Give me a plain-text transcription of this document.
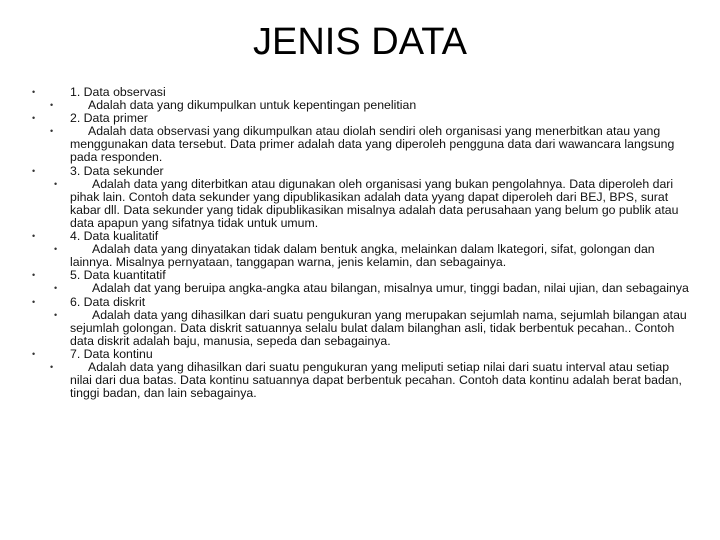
JENIS DATA
• 1. Data observasi
• Adalah data yang dikumpulkan untuk kepentingan penelitian
• 2. Data primer
• Adalah data observasi yang dikumpulkan atau diolah sendiri oleh organisasi yang menerbitkan atau yang menggunakan data tersebut. Data primer adalah data yang diperoleh pengguna data dari wawancara langsung pada responden.
• 3. Data sekunder
• Adalah data yang diterbitkan atau digunakan oleh organisasi yang bukan pengolahnya. Data diperoleh dari pihak lain. Contoh data sekunder yang dipublikasikan adalah data yyang dapat diperoleh dari BEJ, BPS, surat kabar dll. Data sekunder yang tidak dipublikasikan misalnya adalah data perusahaan yang belum go publik atau data apapun yang sifatnya tidak untuk umum.
• 4. Data kualitatif
• Adalah data yang dinyatakan tidak dalam bentuk angka, melainkan dalam lkategori, sifat, golongan dan lainnya. Misalnya pernyataan, tanggapan warna, jenis kelamin, dan sebagainya.
• 5. Data kuantitatif
• Adalah dat yang beruipa angka-angka atau bilangan, misalnya umur, tinggi badan, nilai ujian, dan sebagainya
• 6. Data diskrit
• Adalah data yang dihasilkan dari suatu pengukuran yang merupakan sejumlah nama, sejumlah bilangan atau sejumlah golongan. Data diskrit satuannya selalu bulat dalam bilanghan asli, tidak berbentuk pecahan.. Contoh data diskrit adalah baju, manusia, sepeda dan sebagainya.
• 7. Data kontinu
• Adalah data yang dihasilkan dari suatu pengukuran yang meliputi setiap nilai dari suatu interval atau setiap nilai dari dua batas. Data kontinu satuannya dapat berbentuk pecahan. Contoh data kontinu adalah berat badan, tinggi badan, dan lain sebagainya.
